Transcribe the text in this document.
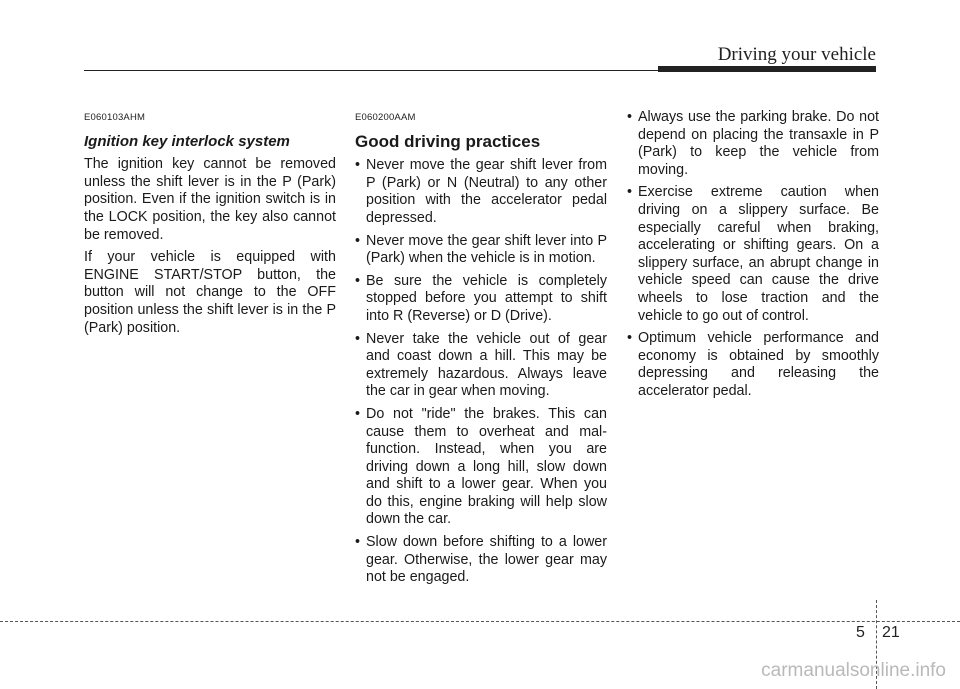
Driving your vehicle
E060103AHM
Ignition key interlock system

The ignition key cannot be removed unless the shift lever is in the P (Park) position. Even if the ignition switch is in the LOCK position, the key also cannot be removed.

If your vehicle is equipped with ENGINE START/STOP button, the button will not change to the OFF position unless the shift lever is in the P (Park) position.

E060200AAM
Good driving practices
• Never move the gear shift lever from P (Park) or N (Neutral) to any other position with the accelerator pedal depressed.
• Never move the gear shift lever into P (Park) when the vehicle is in motion.
• Be sure the vehicle is completely stopped before you attempt to shift into R (Reverse) or D (Drive).
• Never take the vehicle out of gear and coast down a hill. This may be extremely hazardous. Always leave the car in gear when moving.
• Do not "ride" the brakes. This can cause them to overheat and mal-function. Instead, when you are driving down a long hill, slow down and shift to a lower gear. When you do this, engine braking will help slow down the car.
• Slow down before shifting to a lower gear. Otherwise, the lower gear may not be engaged.
• Always use the parking brake. Do not depend on placing the transaxle in P (Park) to keep the vehicle from moving.
• Exercise extreme caution when driving on a slippery surface. Be especially careful when braking, accelerating or shifting gears. On a slippery surface, an abrupt change in vehicle speed can cause the drive wheels to lose traction and the vehicle to go out of control.
• Optimum vehicle performance and economy is obtained by smoothly depressing and releasing the accelerator pedal.
5 21
carmanualsonline.info
